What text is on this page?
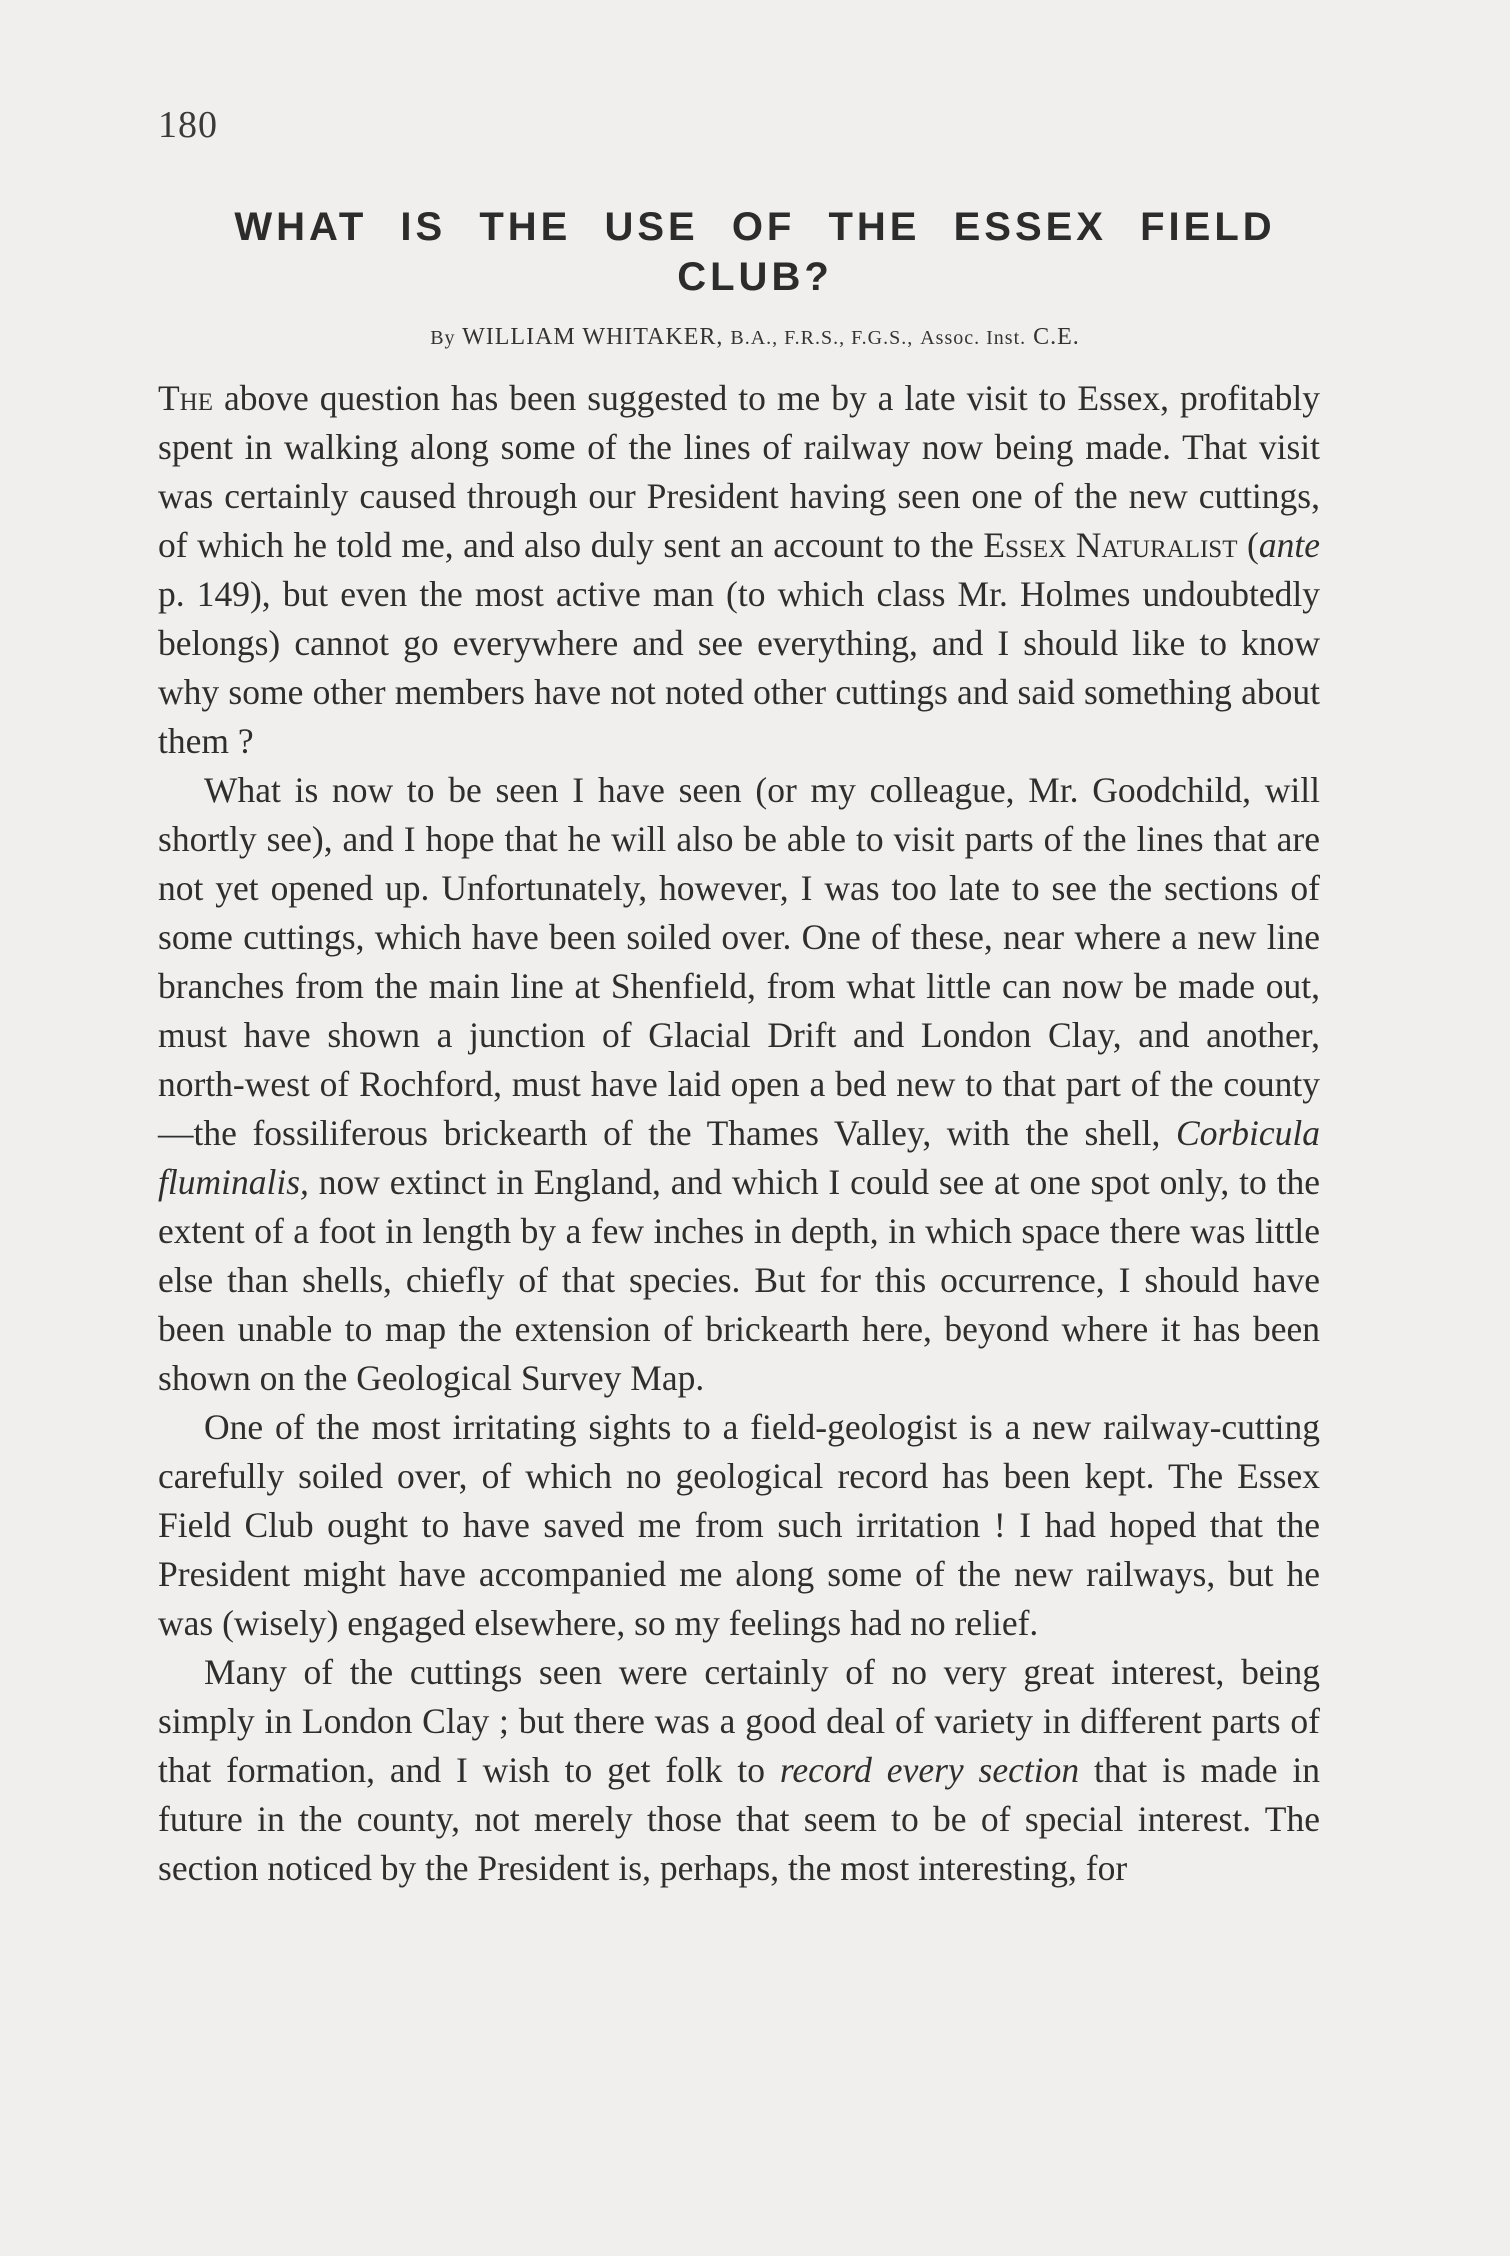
180
WHAT IS THE USE OF THE ESSEX FIELD CLUB?
By WILLIAM WHITAKER, B.A., F.R.S., F.G.S., Assoc. Inst. C.E.

The above question has been suggested to me by a late visit to Essex, profitably spent in walking along some of the lines of railway now being made. That visit was certainly caused through our President having seen one of the new cuttings, of which he told me, and also duly sent an account to the Essex Naturalist (ante p. 149), but even the most active man (to which class Mr. Holmes undoubtedly belongs) cannot go everywhere and see everything, and I should like to know why some other members have not noted other cuttings and said something about them ?

What is now to be seen I have seen (or my colleague, Mr. Goodchild, will shortly see), and I hope that he will also be able to visit parts of the lines that are not yet opened up. Unfortunately, however, I was too late to see the sections of some cuttings, which have been soiled over. One of these, near where a new line branches from the main line at Shenfield, from what little can now be made out, must have shown a junction of Glacial Drift and London Clay, and another, north-west of Rochford, must have laid open a bed new to that part of the county—the fossiliferous brickearth of the Thames Valley, with the shell, Corbicula fluminalis, now extinct in England, and which I could see at one spot only, to the extent of a foot in length by a few inches in depth, in which space there was little else than shells, chiefly of that species. But for this occurrence, I should have been unable to map the extension of brickearth here, beyond where it has been shown on the Geological Survey Map.

One of the most irritating sights to a field-geologist is a new railway-cutting carefully soiled over, of which no geological record has been kept. The Essex Field Club ought to have saved me from such irritation ! I had hoped that the President might have accompanied me along some of the new railways, but he was (wisely) engaged elsewhere, so my feelings had no relief.

Many of the cuttings seen were certainly of no very great interest, being simply in London Clay ; but there was a good deal of variety in different parts of that formation, and I wish to get folk to record every section that is made in future in the county, not merely those that seem to be of special interest. The section noticed by the President is, perhaps, the most interesting, for
